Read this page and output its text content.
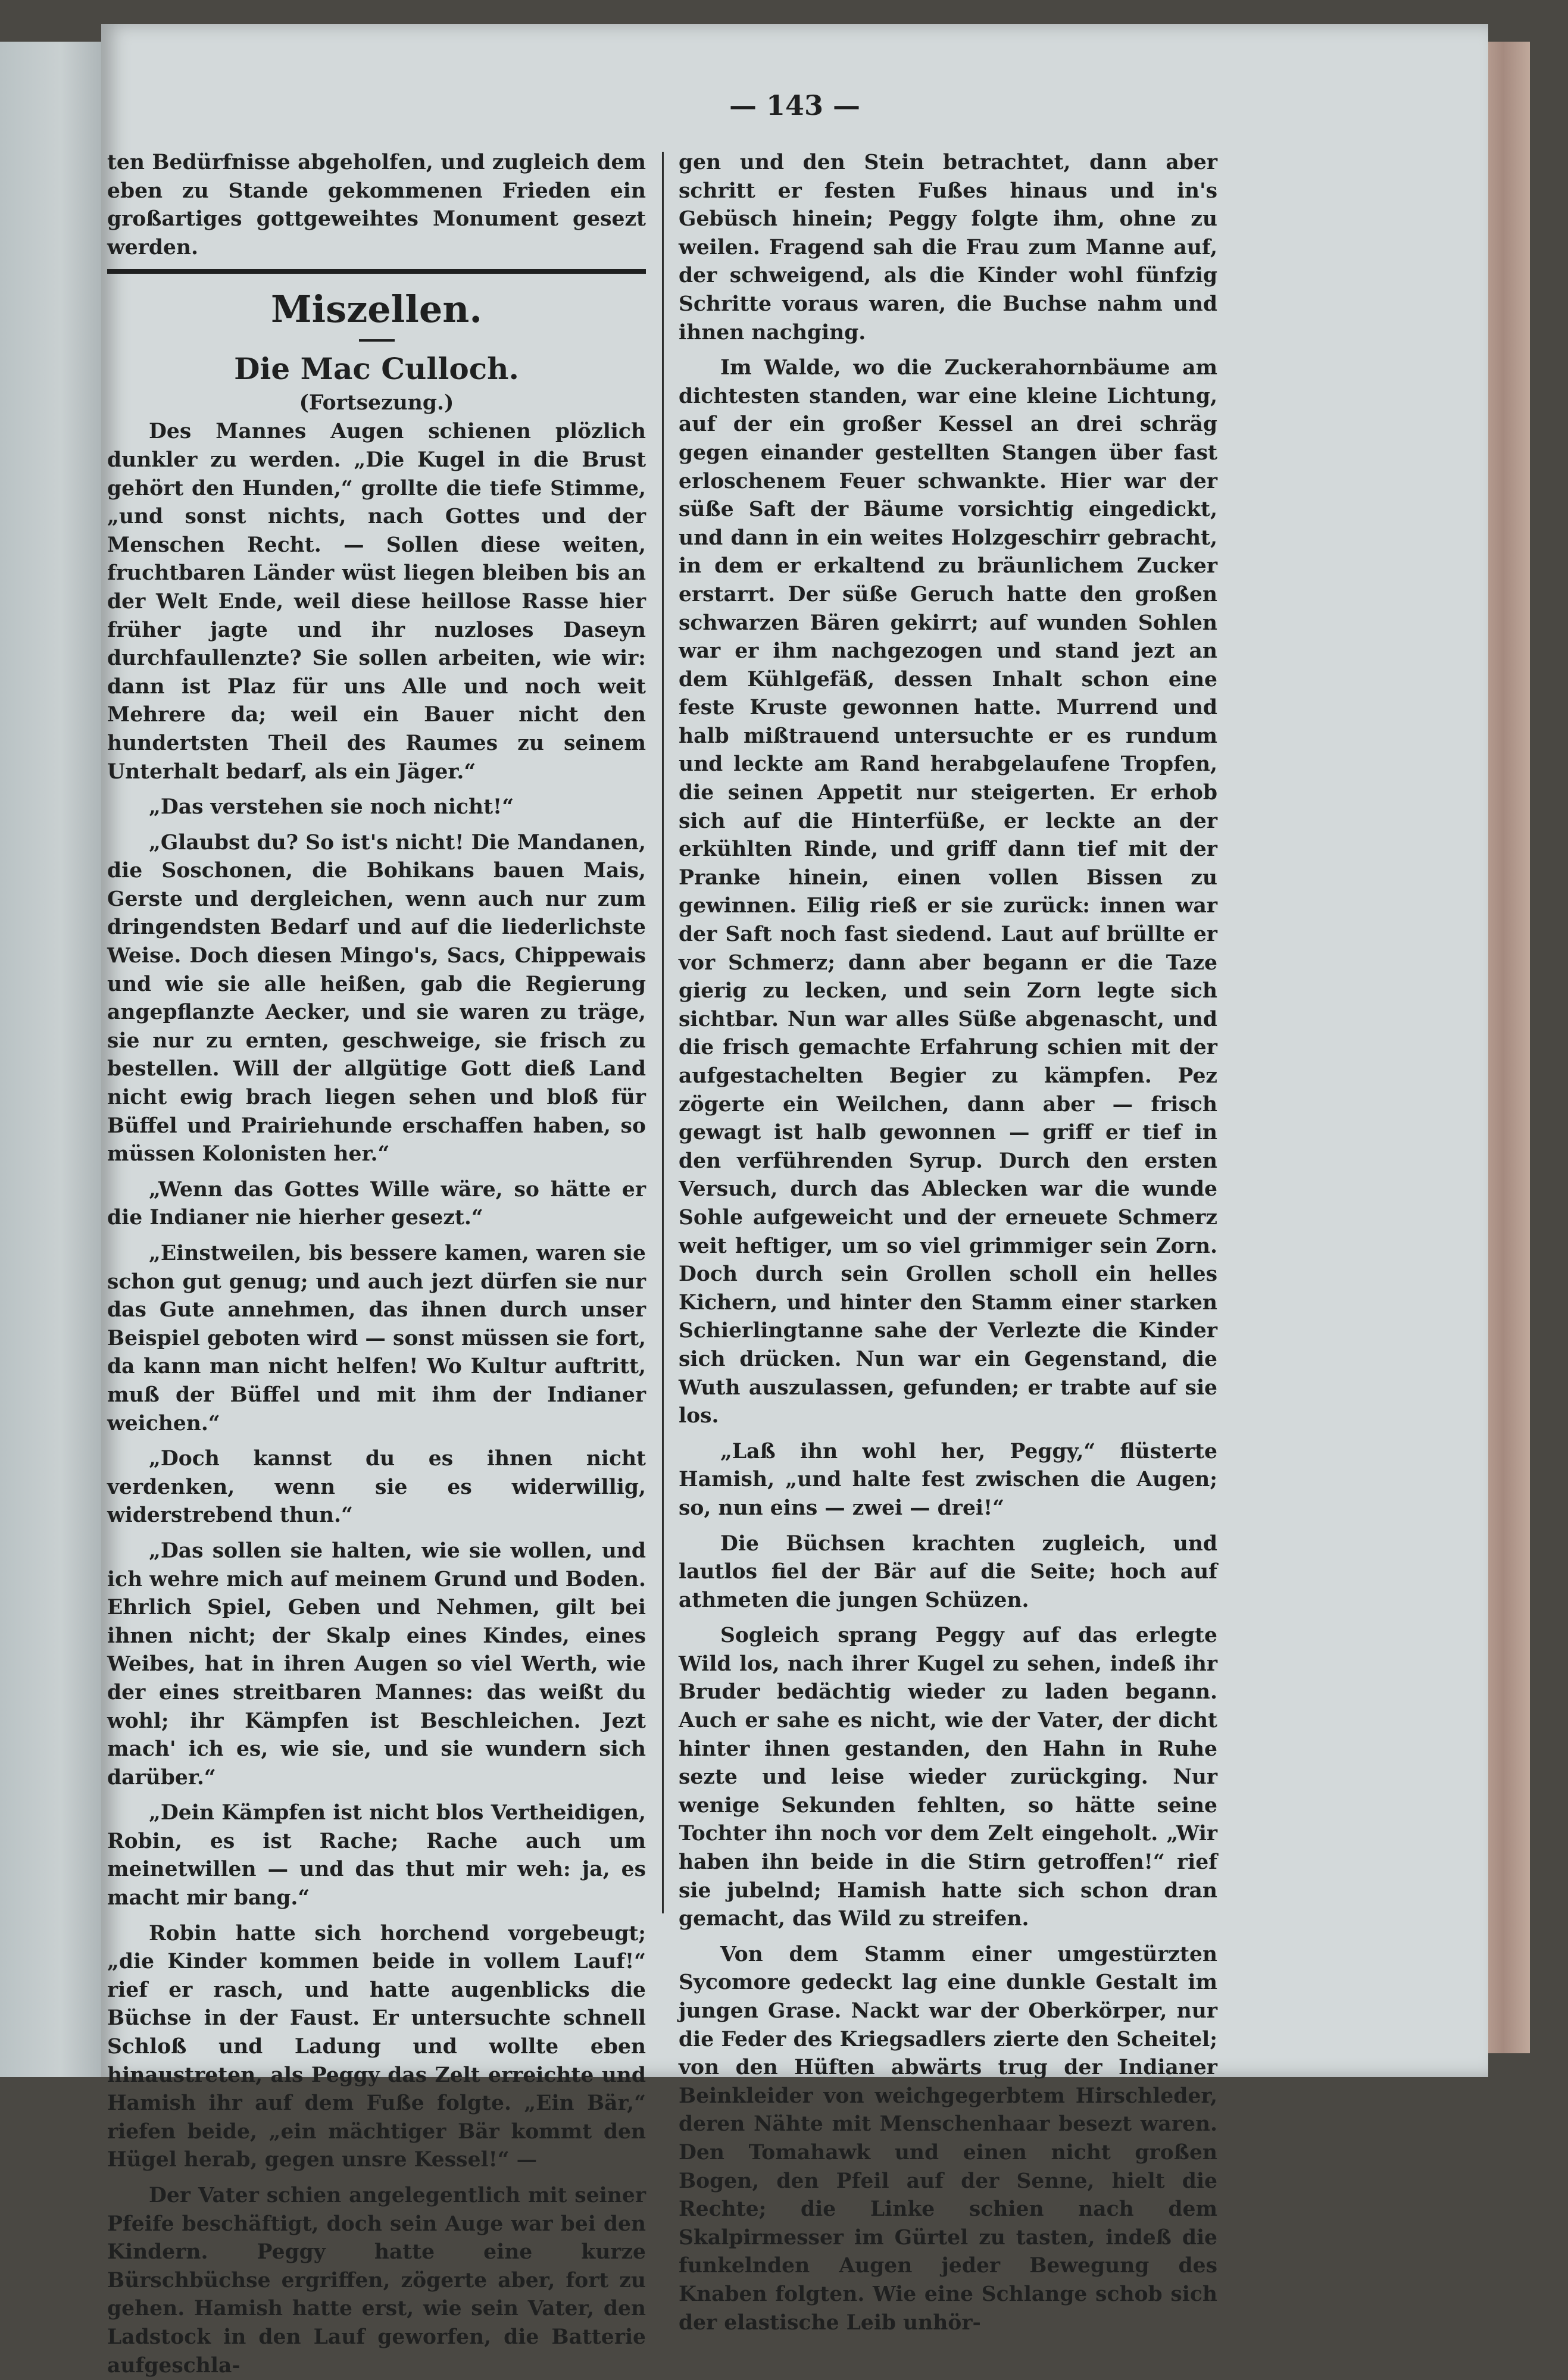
— 143 —

ten Bedürfnisse abgeholfen, und zugleich dem eben zu Stande gekommenen Frieden ein großartiges gottgeweihtes Monument gesezt werden.

Miszellen.

Die Mac Culloch.

(Fortsezung.)

Des Mannes Augen schienen plözlich dunkler zu werden. „Die Kugel in die Brust gehört den Hunden,“ grollte die tiefe Stimme, „und sonst nichts, nach Gottes und der Menschen Recht. — Sollen diese weiten, fruchtbaren Länder wüst liegen bleiben bis an der Welt Ende, weil diese heillose Rasse hier früher jagte und ihr nuzloses Daseyn durchfaullenzte? Sie sollen arbeiten, wie wir: dann ist Plaz für uns Alle und noch weit Mehrere da; weil ein Bauer nicht den hundertsten Theil des Raumes zu seinem Unterhalt bedarf, als ein Jäger.“

„Das verstehen sie noch nicht!“

„Glaubst du? So ist's nicht! Die Mandanen, die Soschonen, die Bohikans bauen Mais, Gerste und dergleichen, wenn auch nur zum dringendsten Bedarf und auf die liederlichste Weise. Doch diesen Mingo's, Sacs, Chippewais und wie sie alle heißen, gab die Regierung angepflanzte Aecker, und sie waren zu träge, sie nur zu ernten, geschweige, sie frisch zu bestellen. Will der allgütige Gott dieß Land nicht ewig brach liegen sehen und bloß für Büffel und Prairiehunde erschaffen haben, so müssen Kolonisten her.“

„Wenn das Gottes Wille wäre, so hätte er die Indianer nie hierher gesezt.“

„Einstweilen, bis bessere kamen, waren sie schon gut genug; und auch jezt dürfen sie nur das Gute annehmen, das ihnen durch unser Beispiel geboten wird — sonst müssen sie fort, da kann man nicht helfen! Wo Kultur auftritt, muß der Büffel und mit ihm der Indianer weichen.“

„Doch kannst du es ihnen nicht verdenken, wenn sie es widerwillig, widerstrebend thun.“

„Das sollen sie halten, wie sie wollen, und ich wehre mich auf meinem Grund und Boden. Ehrlich Spiel, Geben und Nehmen, gilt bei ihnen nicht; der Skalp eines Kindes, eines Weibes, hat in ihren Augen so viel Werth, wie der eines streitbaren Mannes: das weißt du wohl; ihr Kämpfen ist Beschleichen. Jezt mach' ich es, wie sie, und sie wundern sich darüber.“

„Dein Kämpfen ist nicht blos Vertheidigen, Robin, es ist Rache; Rache auch um meinetwillen — und das thut mir weh: ja, es macht mir bang.“

Robin hatte sich horchend vorgebeugt; „die Kinder kommen beide in vollem Lauf!“ rief er rasch, und hatte augenblicks die Büchse in der Faust. Er untersuchte schnell Schloß und Ladung und wollte eben hinaustreten, als Peggy das Zelt erreichte und Hamish ihr auf dem Fuße folgte. „Ein Bär,“ riefen beide, „ein mächtiger Bär kommt den Hügel herab, gegen unsre Kessel!“ —

Der Vater schien angelegentlich mit seiner Pfeife beschäftigt, doch sein Auge war bei den Kindern. Peggy hatte eine kurze Bürschbüchse ergriffen, zögerte aber, fort zu gehen. Hamish hatte erst, wie sein Vater, den Ladstock in den Lauf geworfen, die Batterie aufgeschla-

gen und den Stein betrachtet, dann aber schritt er festen Fußes hinaus und in's Gebüsch hinein; Peggy folgte ihm, ohne zu weilen. Fragend sah die Frau zum Manne auf, der schweigend, als die Kinder wohl fünfzig Schritte voraus waren, die Buchse nahm und ihnen nachging.

Im Walde, wo die Zuckerahornbäume am dichtesten standen, war eine kleine Lichtung, auf der ein großer Kessel an drei schräg gegen einander gestellten Stangen über fast erloschenem Feuer schwankte. Hier war der süße Saft der Bäume vorsichtig eingedickt, und dann in ein weites Holzgeschirr gebracht, in dem er erkaltend zu bräunlichem Zucker erstarrt. Der süße Geruch hatte den großen schwarzen Bären gekirrt; auf wunden Sohlen war er ihm nachgezogen und stand jezt an dem Kühlgefäß, dessen Inhalt schon eine feste Kruste gewonnen hatte. Murrend und halb mißtrauend untersuchte er es rundum und leckte am Rand herabgelaufene Tropfen, die seinen Appetit nur steigerten. Er erhob sich auf die Hinterfüße, er leckte an der erkühlten Rinde, und griff dann tief mit der Pranke hinein, einen vollen Bissen zu gewinnen. Eilig rieß er sie zurück: innen war der Saft noch fast siedend. Laut auf brüllte er vor Schmerz; dann aber begann er die Taze gierig zu lecken, und sein Zorn legte sich sichtbar. Nun war alles Süße abgenascht, und die frisch gemachte Erfahrung schien mit der aufgestachelten Begier zu kämpfen. Pez zögerte ein Weilchen, dann aber — frisch gewagt ist halb gewonnen — griff er tief in den verführenden Syrup. Durch den ersten Versuch, durch das Ablecken war die wunde Sohle aufgeweicht und der erneuete Schmerz weit heftiger, um so viel grimmiger sein Zorn. Doch durch sein Grollen scholl ein helles Kichern, und hinter den Stamm einer starken Schierlingtanne sahe der Verlezte die Kinder sich drücken. Nun war ein Gegenstand, die Wuth auszulassen, gefunden; er trabte auf sie los.

„Laß ihn wohl her, Peggy,“ flüsterte Hamish, „und halte fest zwischen die Augen; so, nun eins — zwei — drei!“

Die Büchsen krachten zugleich, und lautlos fiel der Bär auf die Seite; hoch auf athmeten die jungen Schüzen.

Sogleich sprang Peggy auf das erlegte Wild los, nach ihrer Kugel zu sehen, indeß ihr Bruder bedächtig wieder zu laden begann. Auch er sahe es nicht, wie der Vater, der dicht hinter ihnen gestanden, den Hahn in Ruhe sezte und leise wieder zurückging. Nur wenige Sekunden fehlten, so hätte seine Tochter ihn noch vor dem Zelt eingeholt. „Wir haben ihn beide in die Stirn getroffen!“ rief sie jubelnd; Hamish hatte sich schon dran gemacht, das Wild zu streifen.

Von dem Stamm einer umgestürzten Sycomore gedeckt lag eine dunkle Gestalt im jungen Grase. Nackt war der Oberkörper, nur die Feder des Kriegsadlers zierte den Scheitel; von den Hüften abwärts trug der Indianer Beinkleider von weichgegerbtem Hirschleder, deren Nähte mit Menschenhaar besezt waren. Den Tomahawk und einen nicht großen Bogen, den Pfeil auf der Senne, hielt die Rechte; die Linke schien nach dem Skalpirmesser im Gürtel zu tasten, indeß die funkelnden Augen jeder Bewegung des Knaben folgten. Wie eine Schlange schob sich der elastische Leib unhör-
